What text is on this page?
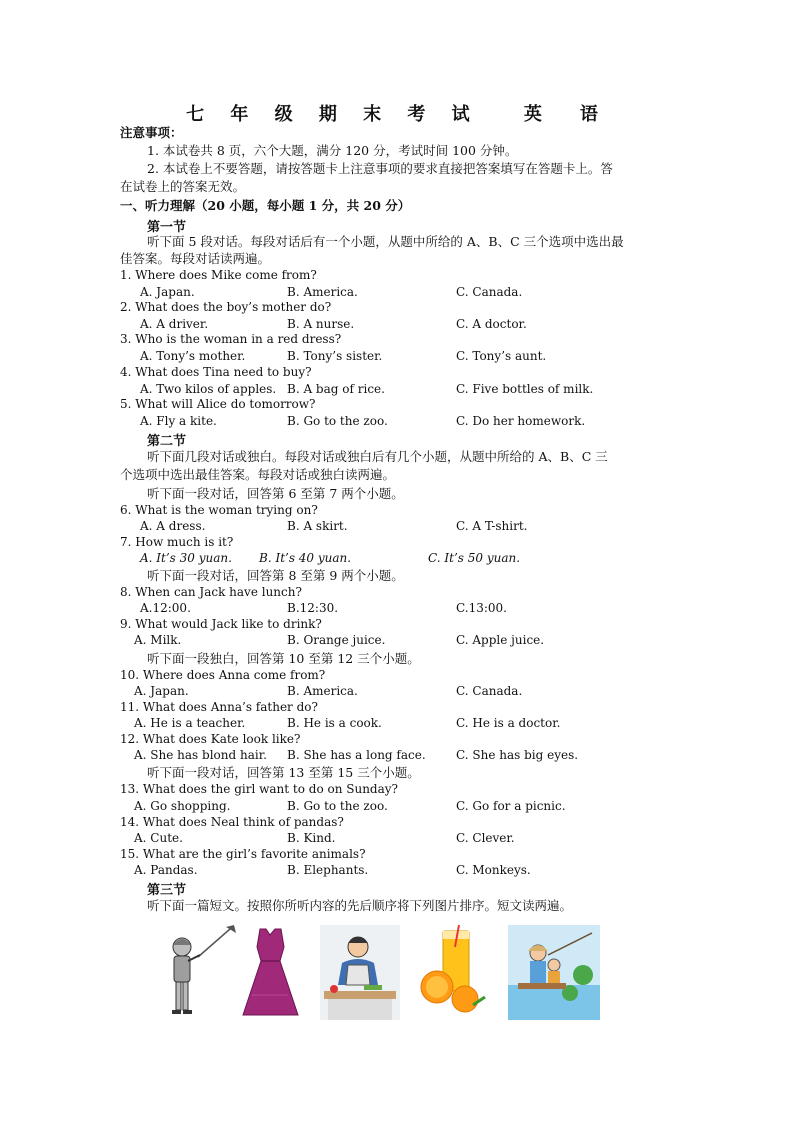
七 年 级 期 末 考 试　 英　语
注意事项：
1. 本试卷共 8 页，六个大题，满分 120 分，考试时间 100 分钟。
2. 本试卷上不要答题，请按答题卡上注意事项的要求直接把答案填写在答题卡上。答
在试卷上的答案无效。
一、听力理解（20 小题，每小题 1 分，共 20 分）
第一节
听下面 5 段对话。每段对话后有一个小题，从题中所给的 A、B、C 三个选项中选出最
佳答案。每段对话读两遍。
1. Where does Mike come from?
A. Japan.	B. America.	C. Canada.
2. What does the boy’s mother do?
A. A driver.	B. A nurse.	C. A doctor.
3. Who is the woman in a red dress?
A. Tony’s mother.	B. Tony’s sister.	C. Tony’s aunt.
4. What does Tina need to buy?
A. Two kilos of apples. B. A bag of rice.	C. Five bottles of milk.
5. What will Alice do tomorrow?
A. Fly a kite.	B. Go to the zoo.	C. Do her homework.
第二节
听下面几段对话或独白。每段对话或独白后有几个小题，从题中所给的 A、B、C 三
个选项中选出最佳答案。每段对话或独白读两遍。
听下面一段对话，回答第 6 至第 7 两个小题。
6. What is the woman trying on?
A. A dress.	B. A skirt.	C. A T-shirt.
7. How much is it?
A. It’s 30 yuan. B. It’s 40 yuan.	C. It’s 50 yuan.
听下面一段对话，回答第 8 至第 9 两个小题。
8. When can Jack have lunch?
A.12:00.	B.12:30.	C.13:00.
9. What would Jack like to drink?
A. Milk.	B. Orange juice.	C. Apple juice.
听下面一段独白，回答第 10 至第 12 三个小题。
10. Where does Anna come from?
A. Japan.	B. America.	C. Canada.
11. What does Anna’s father do?
A. He is a teacher.	B. He is a cook.	C. He is a doctor.
12. What does Kate look like?
A. She has blond hair. B. She has a long face.	C. She has big eyes.
听下面一段对话，回答第 13 至第 15 三个小题。
13. What does the girl want to do on Sunday?
A. Go shopping.	B. Go to the zoo.	C. Go for a picnic.
14. What does Neal think of pandas?
A. Cute.	B. Kind.	C. Clever.
15. What are the girl’s favorite animals?
A. Pandas.	B. Elephants.	C. Monkeys.
第三节
听下面一篇短文。按照你所听内容的先后顺序将下列图片排序。短文读两遍。
